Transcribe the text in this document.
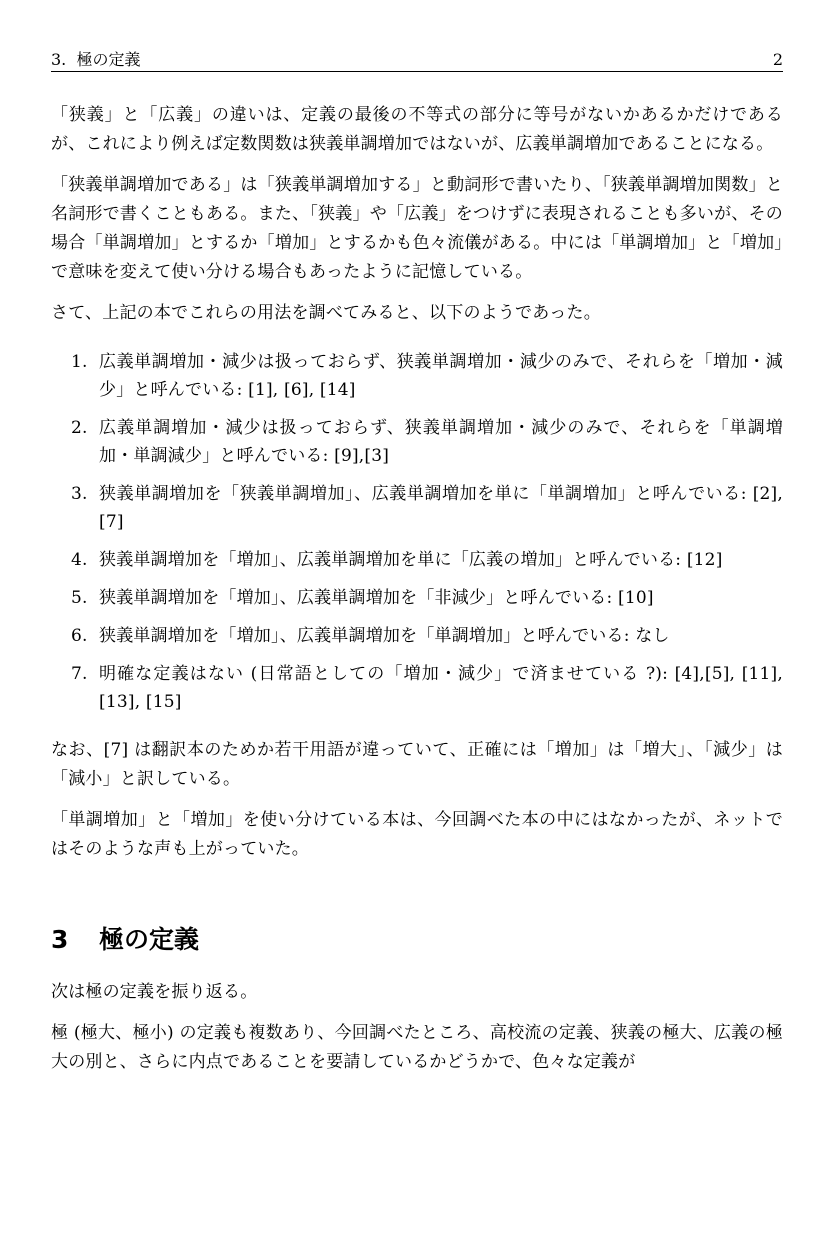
3.  極の定義	2

「狭義」と「広義」の違いは、定義の最後の不等式の部分に等号がないかあるかだけであるが、これにより例えば定数関数は狭義単調増加ではないが、広義単調増加であることになる。

「狭義単調増加である」は「狭義単調増加する」と動詞形で書いたり、「狭義単調増加関数」と名詞形で書くこともある。また、「狭義」や「広義」をつけずに表現されることも多いが、その場合「単調増加」とするか「増加」とするかも色々流儀がある。中には「単調増加」と「増加」で意味を変えて使い分ける場合もあったように記憶している。

さて、上記の本でこれらの用法を調べてみると、以下のようであった。

1. 広義単調増加・減少は扱っておらず、狭義単調増加・減少のみで、それらを「増加・減少」と呼んでいる: [1], [6], [14]
2. 広義単調増加・減少は扱っておらず、狭義単調増加・減少のみで、それらを「単調増加・単調減少」と呼んでいる: [9],[3]
3. 狭義単調増加を「狭義単調増加」、広義単調増加を単に「単調増加」と呼んでいる: [2],[7]
4. 狭義単調増加を「増加」、広義単調増加を単に「広義の増加」と呼んでいる: [12]
5. 狭義単調増加を「増加」、広義単調増加を「非減少」と呼んでいる: [10]
6. 狭義単調増加を「増加」、広義単調増加を「単調増加」と呼んでいる: なし
7. 明確な定義はない (日常語としての「増加・減少」で済ませている ?): [4],[5], [11], [13], [15]

なお、[7] は翻訳本のためか若干用語が違っていて、正確には「増加」は「増大」、「減少」は「減小」と訳している。

「単調増加」と「増加」を使い分けている本は、今回調べた本の中にはなかったが、ネットではそのような声も上がっていた。

3 極の定義

次は極の定義を振り返る。

極 (極大、極小) の定義も複数あり、今回調べたところ、高校流の定義、狭義の極大、広義の極大の別と、さらに内点であることを要請しているかどうかで、色々な定義が
